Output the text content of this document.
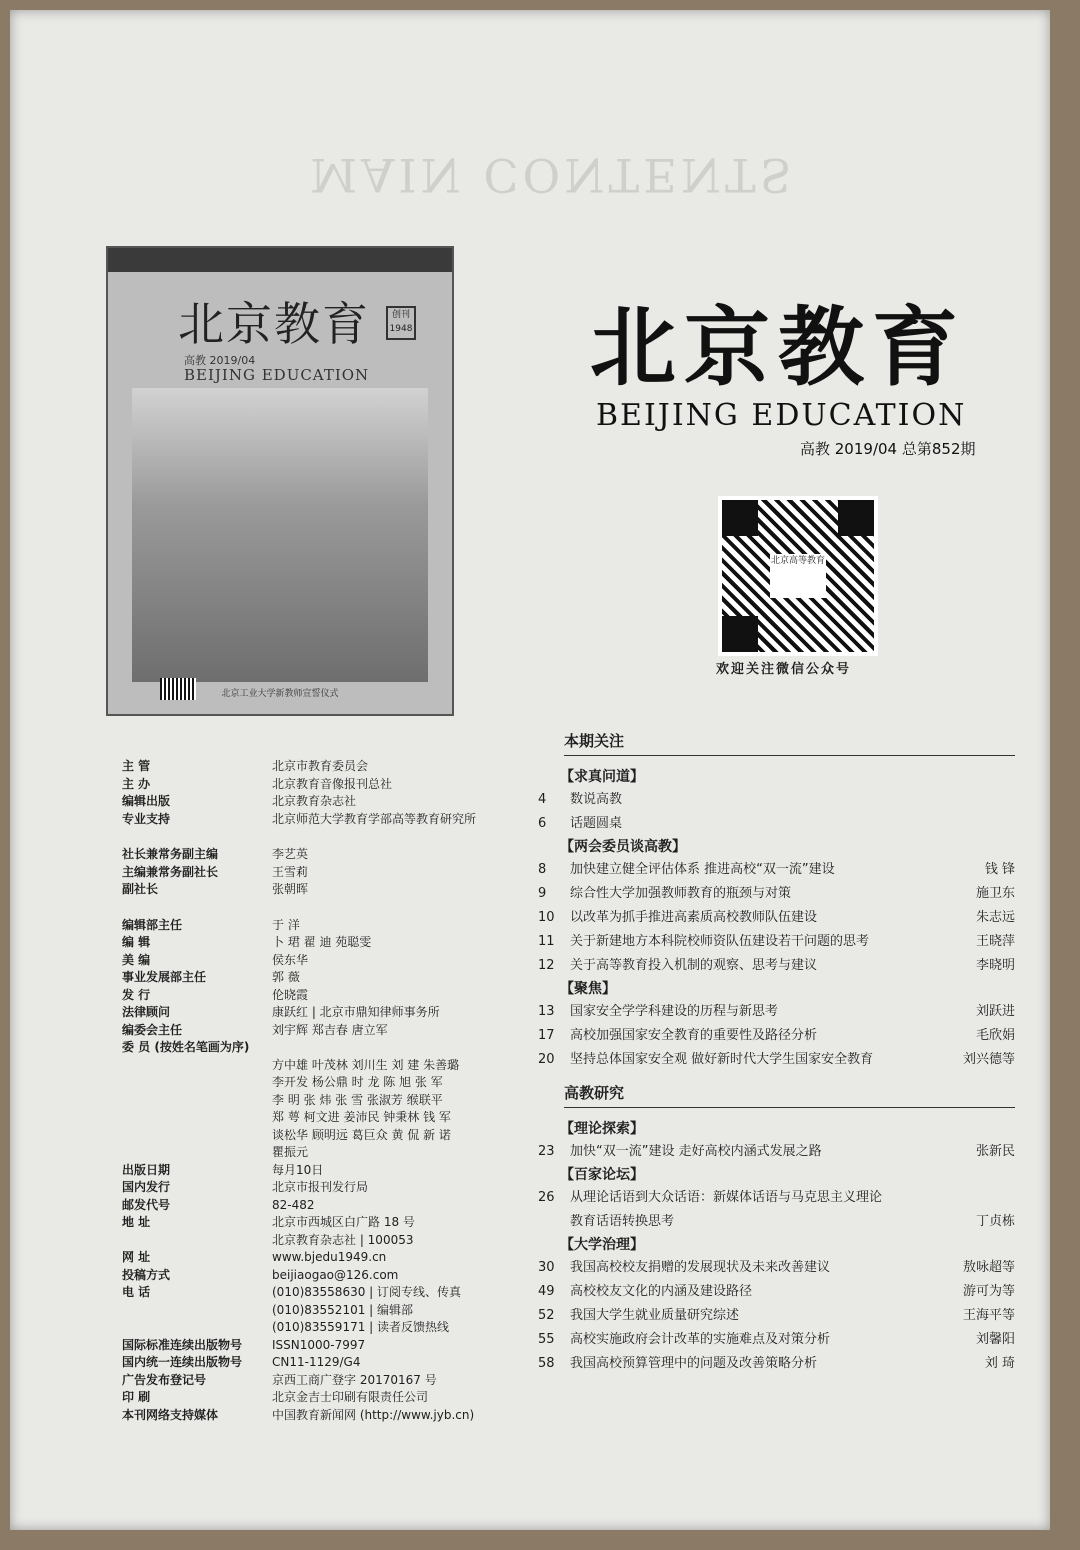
MAIN CONTENTS
北京教育	创刊1948
高教 2019/04
BEIJING EDUCATION
北京工业大学新教师宣誓仪式
北京教育
BEIJING EDUCATION
高教 2019/04 总第852期
北京高等教育
欢迎关注微信公众号
主 管	北京市教育委员会
主 办	北京教育音像报刊总社
编辑出版	北京教育杂志社
专业支持	北京师范大学教育学部高等教育研究所
社长兼常务副主编	李艺英
主编兼常务副社长	王雪莉
副社长	张朝晖
编辑部主任	于 洋
编 辑	卜 珺 翟 迪 苑聪雯
美 编	侯东华
事业发展部主任	郭 薇
发 行	伦晓霞
法律顾问	康跃红 | 北京市鼎知律师事务所
编委会主任	刘宇辉 郑吉春 唐立军
委 员 (按姓名笔画为序)
方中雄 叶茂林 刘川生 刘 建 朱善璐
李开发 杨公鼎 时 龙 陈 旭 张 军
李 明 张 炜 张 雪 张淑芳 缑联平
郑 萼 柯文进 姜沛民 钟秉林 钱 军
谈松华 顾明远 葛巨众 黄 侃 新 诺
瞿振元
出版日期	每月10日
国内发行	北京市报刊发行局
邮发代号	82-482
地 址	北京市西城区白广路 18 号
北京教育杂志社 | 100053
网 址	www.bjedu1949.cn
投稿方式	beijiaogao@126.com
电 话	(010)83558630 | 订阅专线、传真
(010)83552101 | 编辑部
(010)83559171 | 读者反馈热线
国际标准连续出版物号	ISSN1000-7997
国内统一连续出版物号	CN11-1129/G4
广告发布登记号	京西工商广登字 20170167 号
印 刷	北京金吉士印刷有限责任公司
本刊网络支持媒体	中国教育新闻网 (http://www.jyb.cn)
本期关注
【求真问道】
4	数说高教
6	话题圆桌
【两会委员谈高教】
8	加快建立健全评估体系 推进高校“双一流”建设	钱 锋
9	综合性大学加强教师教育的瓶颈与对策	施卫东
10	以改革为抓手推进高素质高校教师队伍建设	朱志远
11	关于新建地方本科院校师资队伍建设若干问题的思考	王晓萍
12	关于高等教育投入机制的观察、思考与建议	李晓明
【聚焦】
13	国家安全学学科建设的历程与新思考	刘跃进
17	高校加强国家安全教育的重要性及路径分析	毛欣娟
20	坚持总体国家安全观 做好新时代大学生国家安全教育	刘兴德等
高教研究
【理论探索】
23	加快“双一流”建设 走好高校内涵式发展之路	张新民
【百家论坛】
26	从理论话语到大众话语：新媒体话语与马克思主义理论
教育话语转换思考	丁贞栋
【大学治理】
30	我国高校校友捐赠的发展现状及未来改善建议	敖咏超等
49	高校校友文化的内涵及建设路径	游可为等
52	我国大学生就业质量研究综述	王海平等
55	高校实施政府会计改革的实施难点及对策分析	刘馨阳
58	我国高校预算管理中的问题及改善策略分析	刘 琦
